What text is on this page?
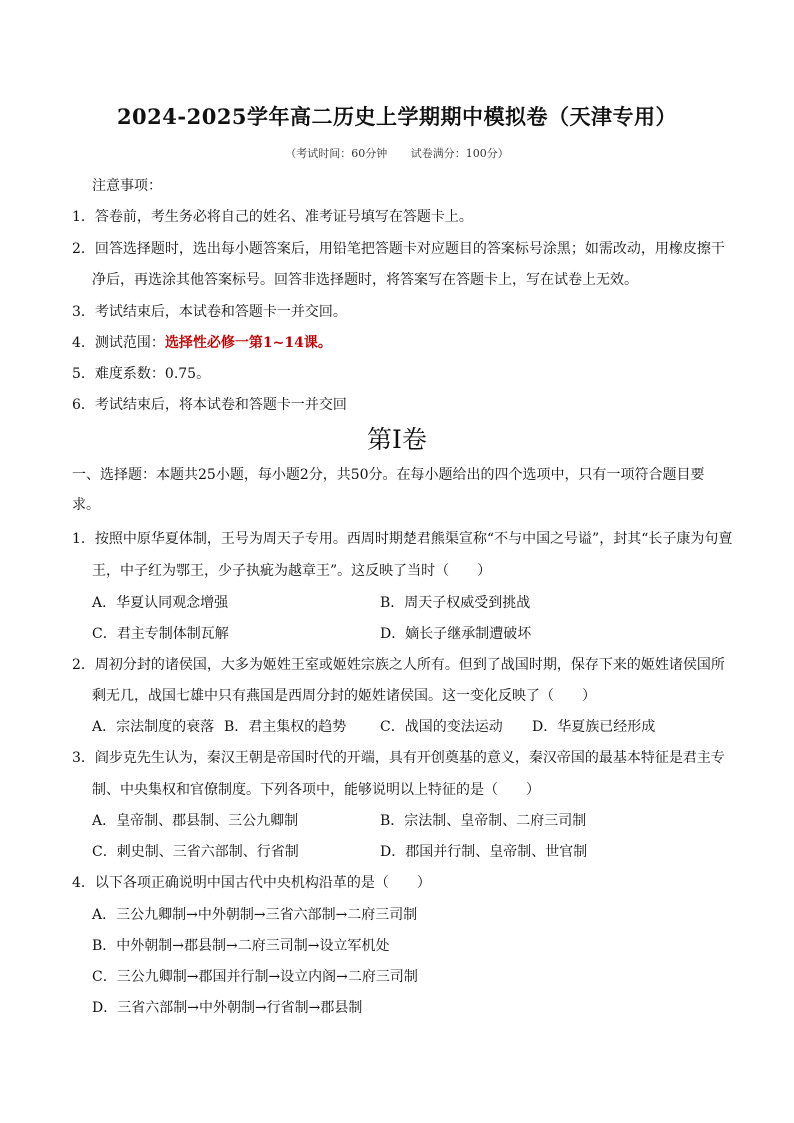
2024-2025学年高二历史上学期期中模拟卷（天津专用）
（考试时间：60分钟 试卷满分：100分）
注意事项：
1．答卷前，考生务必将自己的姓名、准考证号填写在答题卡上。
2．回答选择题时，选出每小题答案后，用铅笔把答题卡对应题目的答案标号涂黑；如需改动，用橡皮擦干
净后，再选涂其他答案标号。回答非选择题时，将答案写在答题卡上，写在试卷上无效。
3．考试结束后，本试卷和答题卡一并交回。
4．测试范围：选择性必修一第1~14课。
5．难度系数：0.75。
6．考试结束后，将本试卷和答题卡一并交回
第Ⅰ卷
一、选择题：本题共25小题，每小题2分，共50分。在每小题给出的四个选项中，只有一项符合题目要
求。
1．按照中原华夏体制，王号为周天子专用。西周时期楚君熊渠宣称“不与中国之号谥”，封其“长子康为句亶
王，中子红为鄂王，少子执疵为越章王”。这反映了当时（　　）
A．华夏认同观念增强	B．周天子权威受到挑战
C．君主专制体制瓦解	D．嫡长子继承制遭破坏
2．周初分封的诸侯国，大多为姬姓王室或姬姓宗族之人所有。但到了战国时期，保存下来的姬姓诸侯国所
剩无几，战国七雄中只有燕国是西周分封的姬姓诸侯国。这一变化反映了（　　）
A．宗法制度的衰落 B．君主集权的趋势 C．战国的变法运动 D．华夏族已经形成
3．阎步克先生认为，秦汉王朝是帝国时代的开端，具有开创奠基的意义，秦汉帝国的最基本特征是君主专
制、中央集权和官僚制度。下列各项中，能够说明以上特征的是（　　）
A．皇帝制、郡县制、三公九卿制	B．宗法制、皇帝制、二府三司制
C．刺史制、三省六部制、行省制	D．郡国并行制、皇帝制、世官制
4．以下各项正确说明中国古代中央机构沿革的是（　　）
A．三公九卿制→中外朝制→三省六部制→二府三司制
B．中外朝制→郡县制→二府三司制→设立军机处
C．三公九卿制→郡国并行制→设立内阁→二府三司制
D．三省六部制→中外朝制→行省制→郡县制
